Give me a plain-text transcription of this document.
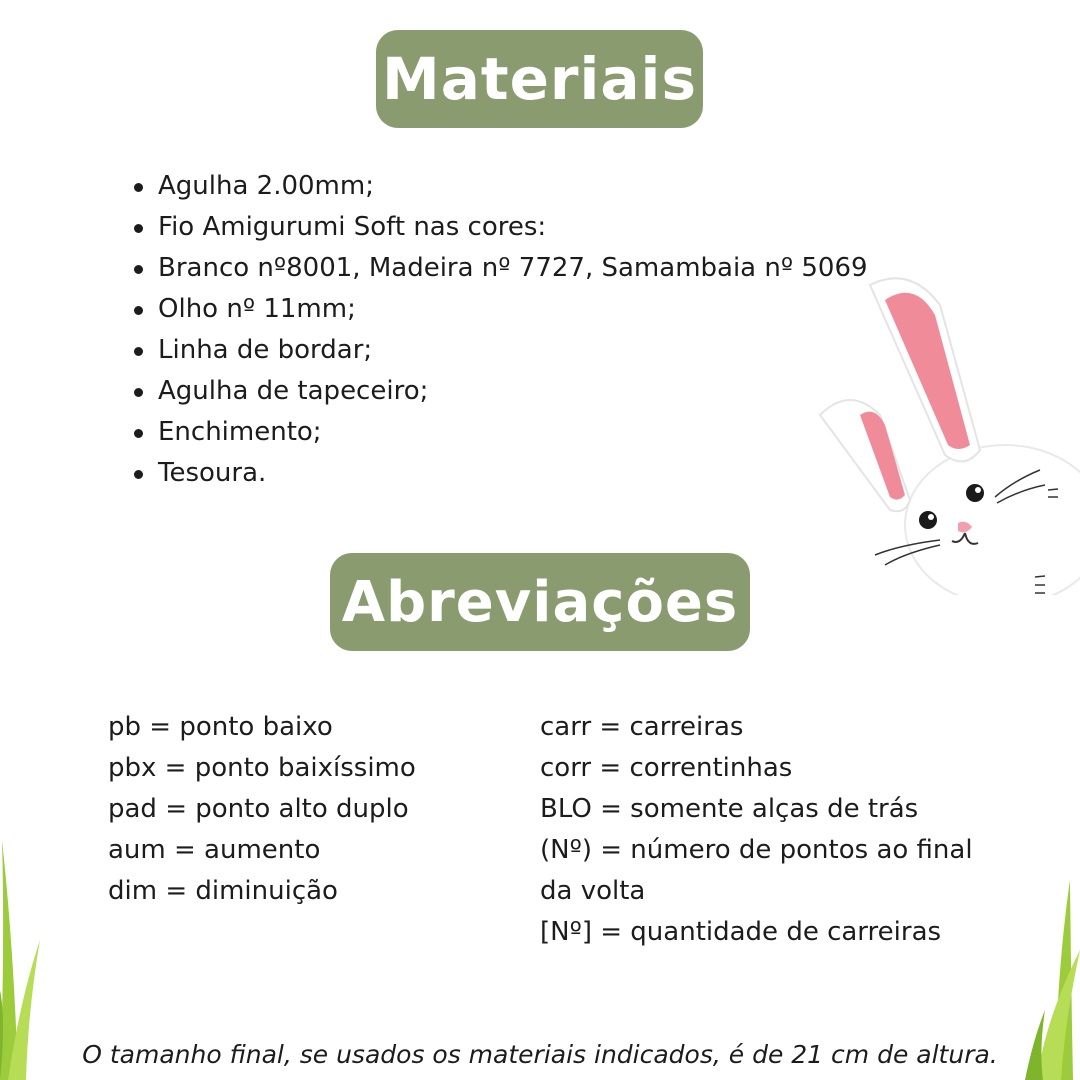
Materiais
Agulha 2.00mm;
Fio Amigurumi Soft nas cores:
Branco nº8001, Madeira nº 7727, Samambaia nº 5069
Olho nº 11mm;
Linha de bordar;
Agulha de tapeceiro;
Enchimento;
Tesoura.
Abreviações
pb = ponto baixo
pbx = ponto baixíssimo
pad = ponto alto duplo
aum = aumento
dim = diminuição
carr = carreiras
corr = correntinhas
BLO = somente alças de trás
(Nº) = número de pontos ao final
da volta
[Nº] = quantidade de carreiras
O tamanho final, se usados os materiais indicados, é de 21 cm de altura.
